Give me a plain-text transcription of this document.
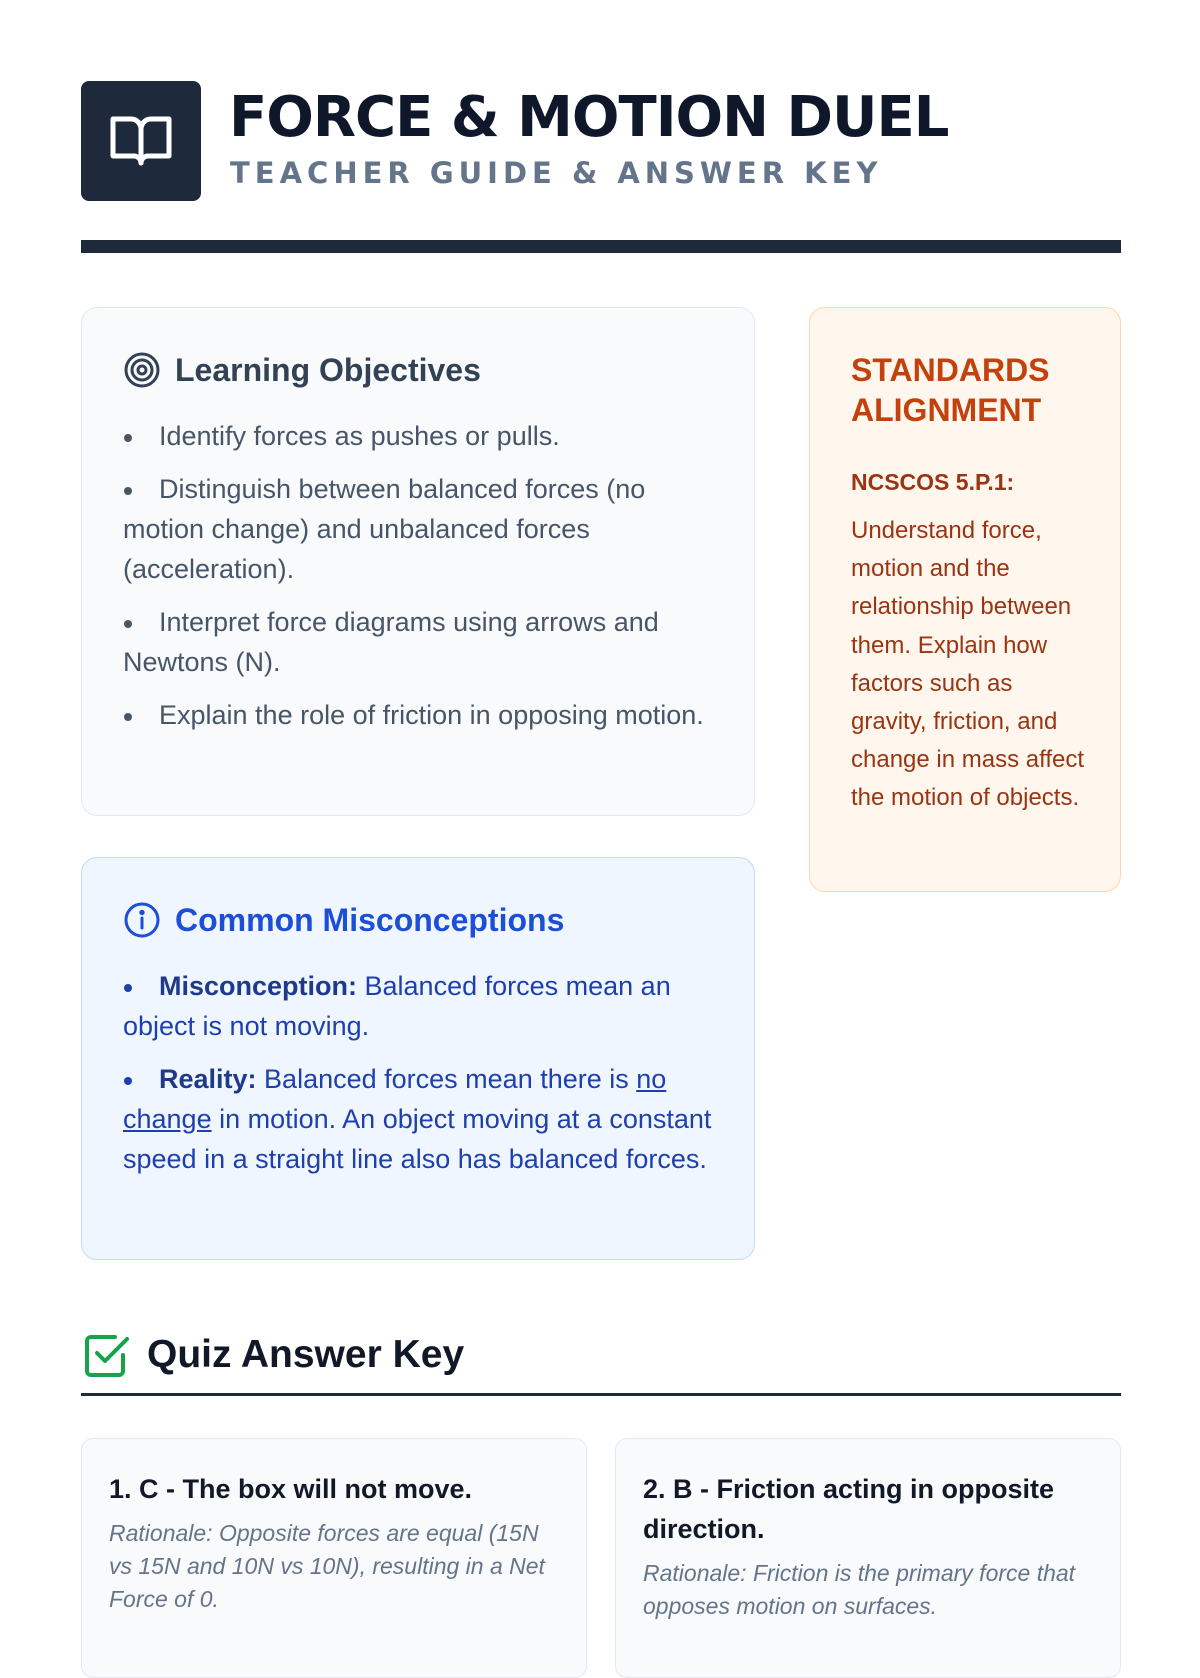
FORCE & MOTION DUEL
TEACHER GUIDE & ANSWER KEY
Learning Objectives
Identify forces as pushes or pulls.
Distinguish between balanced forces (no motion change) and unbalanced forces (acceleration).
Interpret force diagrams using arrows and Newtons (N).
Explain the role of friction in opposing motion.
Common Misconceptions
Misconception: Balanced forces mean an object is not moving.
Reality: Balanced forces mean there is no change in motion. An object moving at a constant speed in a straight line also has balanced forces.
STANDARDS ALIGNMENT
NCSCOS 5.P.1:
Understand force, motion and the relationship between them. Explain how factors such as gravity, friction, and change in mass affect the motion of objects.
Quiz Answer Key
1. C - The box will not move.
Rationale: Opposite forces are equal (15N vs 15N and 10N vs 10N), resulting in a Net Force of 0.
2. B - Friction acting in opposite direction.
Rationale: Friction is the primary force that opposes motion on surfaces.
